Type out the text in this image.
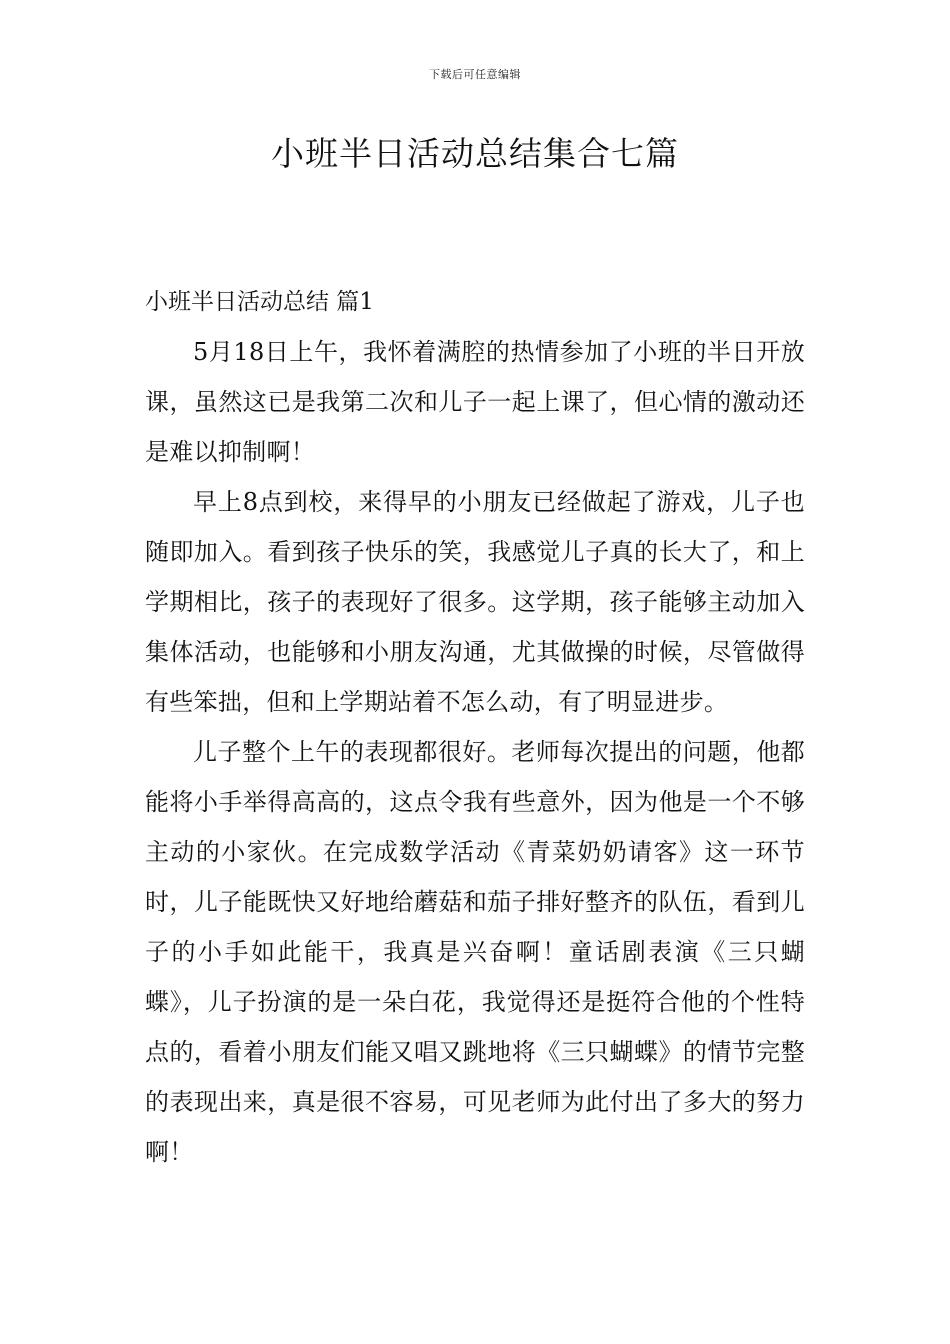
下载后可任意编辑
小班半日活动总结集合七篇
小班半日活动总结 篇1

5月18日上午，我怀着满腔的热情参加了小班的半日开放课，虽然这已是我第二次和儿子一起上课了，但心情的激动还是难以抑制啊！

早上8点到校，来得早的小朋友已经做起了游戏，儿子也随即加入。看到孩子快乐的笑，我感觉儿子真的长大了，和上学期相比，孩子的表现好了很多。这学期，孩子能够主动加入集体活动，也能够和小朋友沟通，尤其做操的时候，尽管做得有些笨拙，但和上学期站着不怎么动，有了明显进步。

儿子整个上午的表现都很好。老师每次提出的问题，他都能将小手举得高高的，这点令我有些意外，因为他是一个不够主动的小家伙。在完成数学活动《青菜奶奶请客》这一环节时，儿子能既快又好地给蘑菇和茄子排好整齐的队伍，看到儿子的小手如此能干，我真是兴奋啊！童话剧表演《三只蝴蝶》，儿子扮演的是一朵白花，我觉得还是挺符合他的个性特点的，看着小朋友们能又唱又跳地将《三只蝴蝶》的情节完整的表现出来，真是很不容易，可见老师为此付出了多大的努力啊！
